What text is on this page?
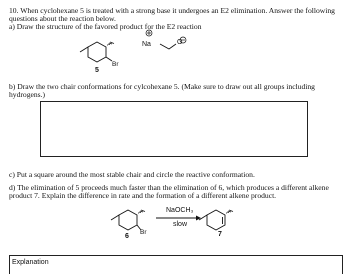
10. When cyclohexane 5 is treated with a strong base it undergoes an E2 elimination. Answer the following
questions about the reaction below.
a) Draw the structure of the favored product for the E2 reaction
Br
Na	O
5
b) Draw the two chair conformations for cylcohexane 5. (Make sure to draw out all groups including
hydrogens.)
c) Put a square around the most stable chair and circle the reactive conformation.
d) The elimination of 5 proceeds much faster than the elimination of 6, which produces a different alkene
product 7. Explain the difference in rate and the formation of a different alkene product.
Br
6
NaOCH₃
slow
7
Explanation
